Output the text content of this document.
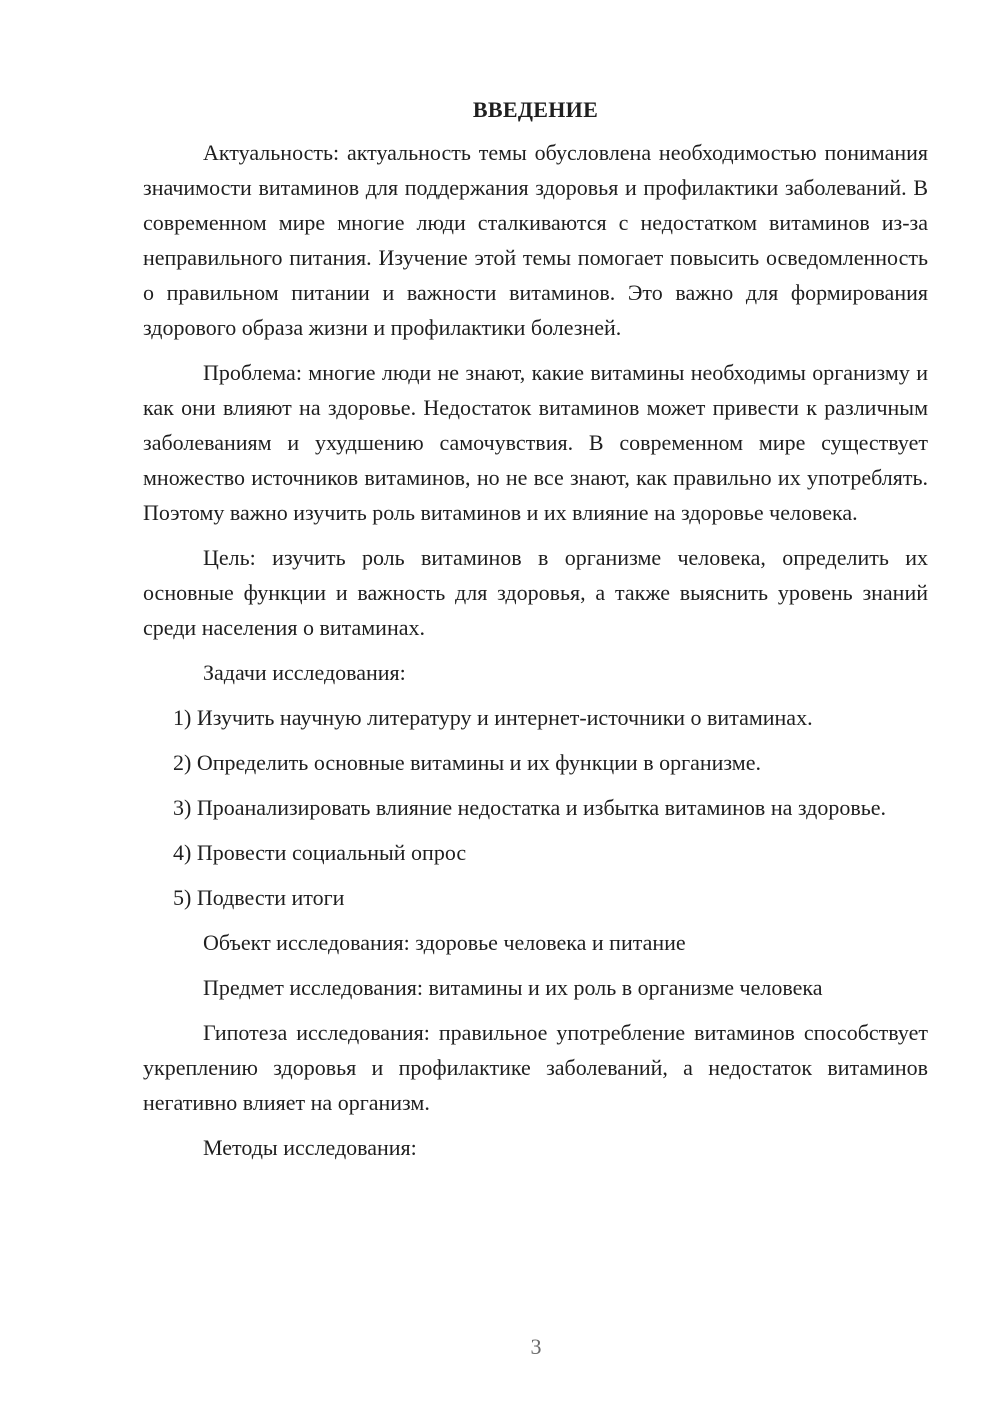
ВВЕДЕНИЕ

Актуальность: актуальность темы обусловлена необходимостью понимания значимости витаминов для поддержания здоровья и профилактики заболеваний. В современном мире многие люди сталкиваются с недостатком витаминов из-за неправильного питания. Изучение этой темы помогает повысить осведомленность о правильном питании и важности витаминов. Это важно для формирования здорового образа жизни и профилактики болезней.

Проблема: многие люди не знают, какие витамины необходимы организму и как они влияют на здоровье. Недостаток витаминов может привести к различным заболеваниям и ухудшению самочувствия. В современном мире существует множество источников витаминов, но не все знают, как правильно их употреблять. Поэтому важно изучить роль витаминов и их влияние на здоровье человека.

Цель: изучить роль витаминов в организме человека, определить их основные функции и важность для здоровья, а также выяснить уровень знаний среди населения о витаминах.

Задачи исследования:

1) Изучить научную литературу и интернет-источники о витаминах.

2) Определить основные витамины и их функции в организме.

3) Проанализировать влияние недостатка и избытка витаминов на здоровье.

4) Провести социальный опрос

5) Подвести итоги

Объект исследования: здоровье человека и питание

Предмет исследования: витамины и их роль в организме человека

Гипотеза исследования: правильное употребление витаминов способствует укреплению здоровья и профилактике заболеваний, а недостаток витаминов негативно влияет на организм.

Методы исследования:

3
